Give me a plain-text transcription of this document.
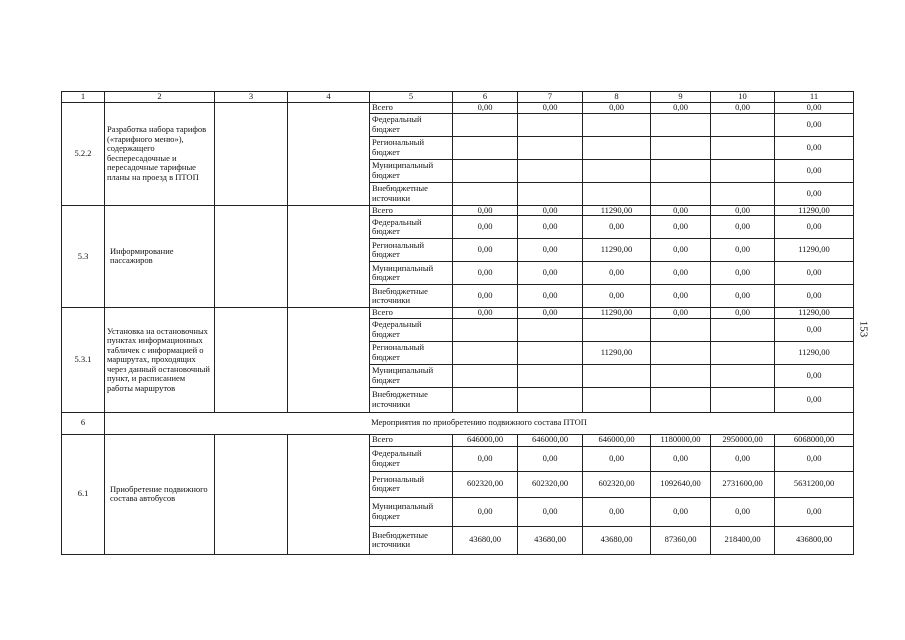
153
1	2	3	4	5	6	7	8	9	10	11
5.2.2	Разработка набора тарифов («тарифного меню»), содержащего беспересадочные и пересадочные тарифные планы на проезд в ПТОП			Всего	0,00	0,00	0,00	0,00	0,00	0,00
				Федеральный бюджет						0,00
				Региональный бюджет						0,00
				Муниципальный бюджет						0,00
				Внебюджетные источники						0,00
5.3	Информирование пассажиров			Всего	0,00	0,00	11290,00	0,00	0,00	11290,00
				Федеральный бюджет	0,00	0,00	0,00	0,00	0,00	0,00
				Региональный бюджет	0,00	0,00	11290,00	0,00	0,00	11290,00
				Муниципальный бюджет	0,00	0,00	0,00	0,00	0,00	0,00
				Внебюджетные источники	0,00	0,00	0,00	0,00	0,00	0,00
5.3.1	Установка на остановочных пунктах информационных табличек с информацией о маршрутах, проходящих через данный остановочный пункт, и расписанием работы маршрутов			Всего	0,00	0,00	11290,00	0,00	0,00	11290,00
				Федеральный бюджет						0,00
				Региональный бюджет			11290,00			11290,00
				Муниципальный бюджет						0,00
				Внебюджетные источники						0,00
6	Мероприятия по приобретению подвижного состава ПТОП									
6.1	Приобретение подвижного состава автобусов			Всего	646000,00	646000,00	646000,00	1180000,00	2950000,00	6068000,00
				Федеральный бюджет	0,00	0,00	0,00	0,00	0,00	0,00
				Региональный бюджет	602320,00	602320,00	602320,00	1092640,00	2731600,00	5631200,00
				Муниципальный бюджет	0,00	0,00	0,00	0,00	0,00	0,00
				Внебюджетные источники	43680,00	43680,00	43680,00	87360,00	218400,00	436800,00
